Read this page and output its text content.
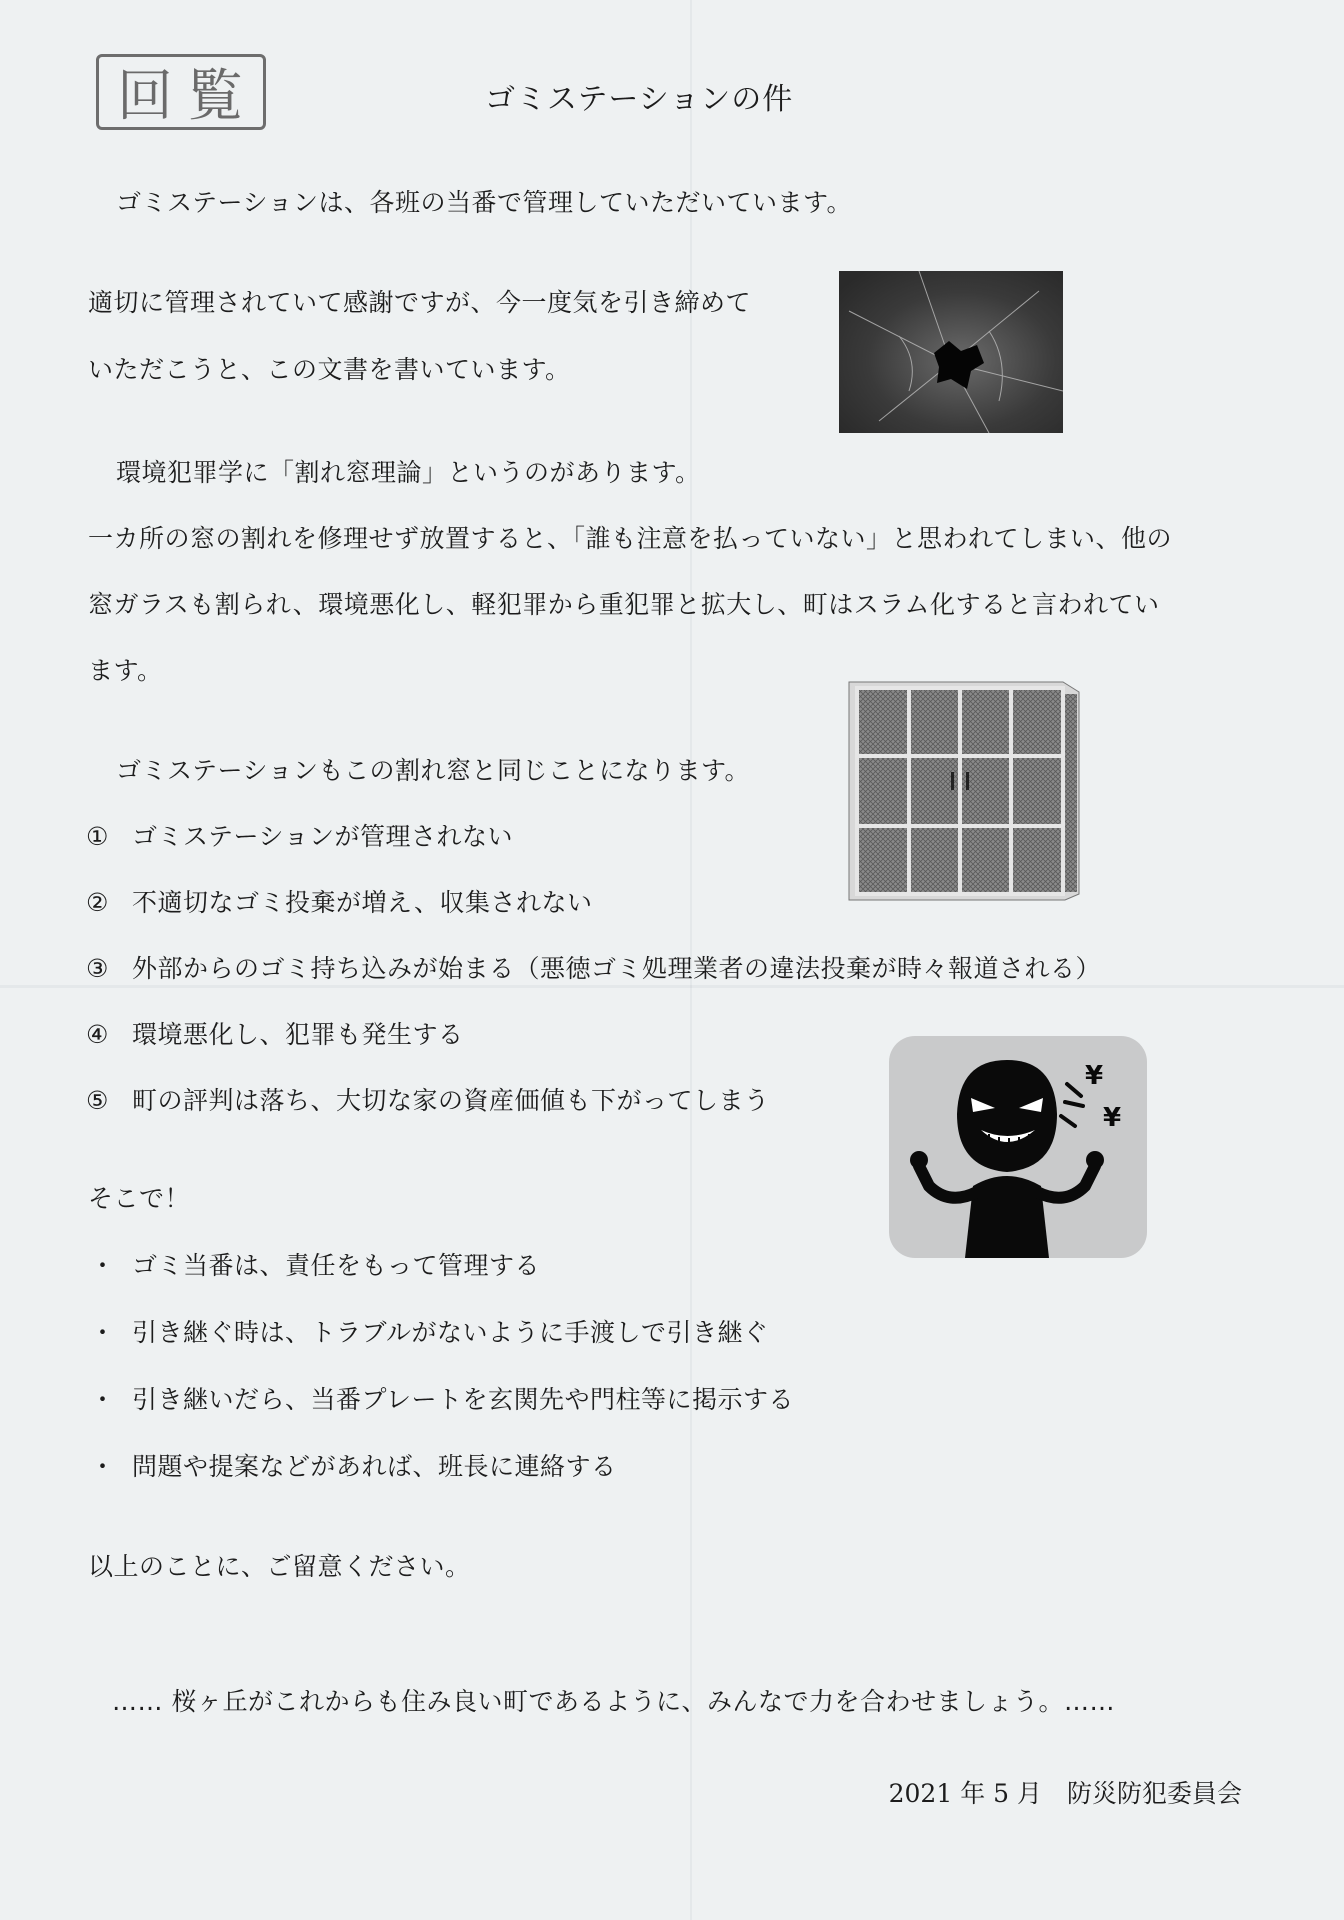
回覧	ゴミステーションの件
ゴミステーションは、各班の当番で管理していただいています。
適切に管理されていて感謝ですが、今一度気を引き締めて
いただこうと、この文書を書いています。
環境犯罪学に「割れ窓理論」というのがあります。
一カ所の窓の割れを修理せず放置すると、「誰も注意を払っていない」と思われてしまい、他の
窓ガラスも割られ、環境悪化し、軽犯罪から重犯罪と拡大し、町はスラム化すると言われてい
ます。
ゴミステーションもこの割れ窓と同じことになります。
① ゴミステーションが管理されない
② 不適切なゴミ投棄が増え、収集されない
③ 外部からのゴミ持ち込みが始まる（悪徳ゴミ処理業者の違法投棄が時々報道される）
④ 環境悪化し、犯罪も発生する
⑤ 町の評判は落ち、大切な家の資産価値も下がってしまう
¥
¥
そこで！
・ ゴミ当番は、責任をもって管理する
・ 引き継ぐ時は、トラブルがないように手渡しで引き継ぐ
・ 引き継いだら、当番プレートを玄関先や門柱等に掲示する
・ 問題や提案などがあれば、班長に連絡する
以上のことに、ご留意ください。
…… 桜ヶ丘がこれからも住み良い町であるように、みんなで力を合わせましょう。……
2021 年 5 月　防災防犯委員会
